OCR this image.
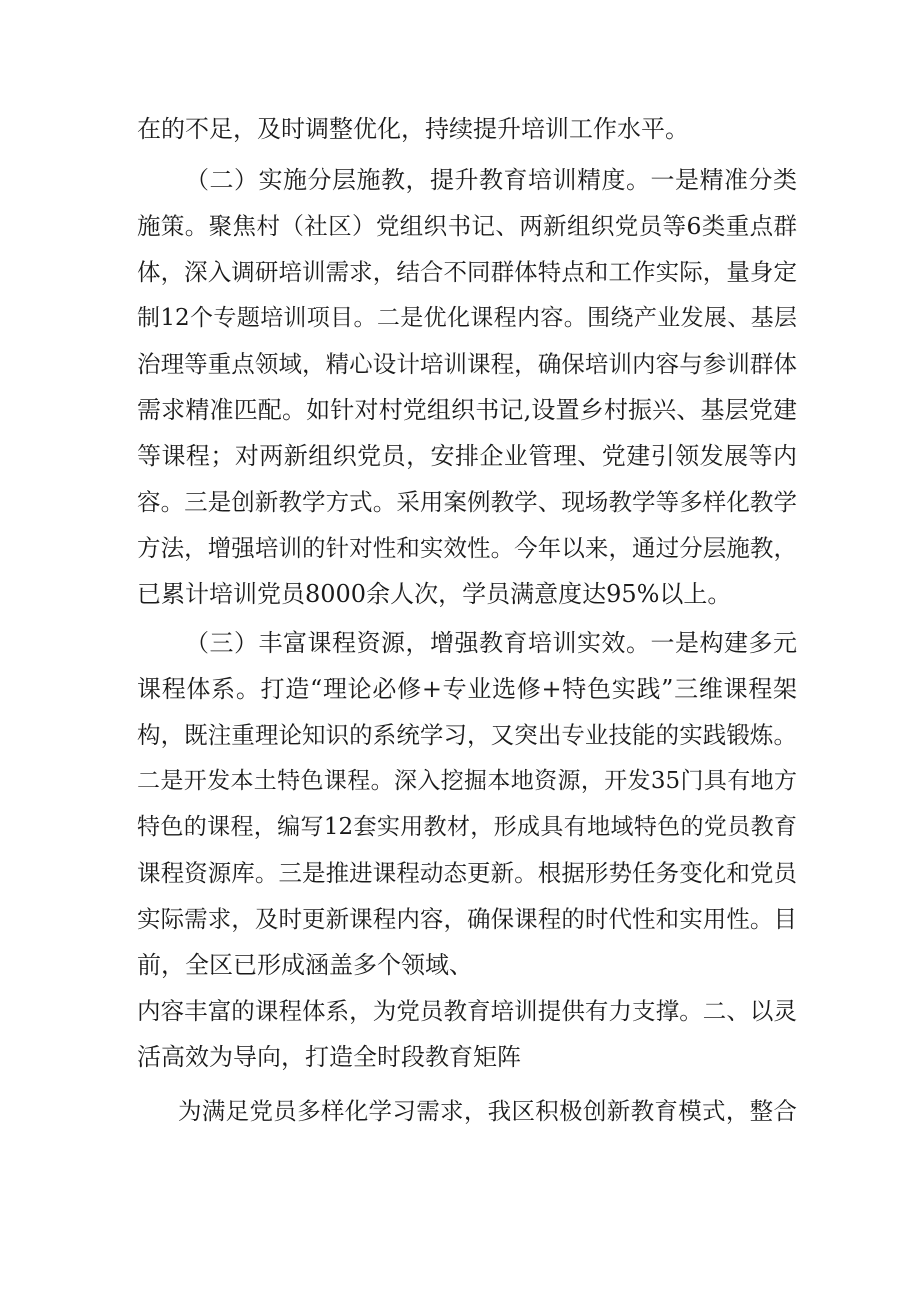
在的不足，及时调整优化，持续提升培训工作水平。
（二）实施分层施教，提升教育培训精度。一是精准分类
施策。聚焦村（社区）党组织书记、两新组织党员等6类重点群
体，深入调研培训需求，结合不同群体特点和工作实际，量身定
制12个专题培训项目。二是优化课程内容。围绕产业发展、基层
治理等重点领域，精心设计培训课程，确保培训内容与参训群体
需求精准匹配。如针对村党组织书记,设置乡村振兴、基层党建
等课程；对两新组织党员，安排企业管理、党建引领发展等内
容。三是创新教学方式。采用案例教学、现场教学等多样化教学
方法，增强培训的针对性和实效性。今年以来，通过分层施教，
已累计培训党员8000余人次，学员满意度达95%以上。
（三）丰富课程资源，增强教育培训实效。一是构建多元
课程体系。打造“理论必修+专业选修+特色实践”三维课程架
构，既注重理论知识的系统学习，又突出专业技能的实践锻炼。
二是开发本土特色课程。深入挖掘本地资源，开发35门具有地方
特色的课程，编写12套实用教材，形成具有地域特色的党员教育
课程资源库。三是推进课程动态更新。根据形势任务变化和党员
实际需求，及时更新课程内容，确保课程的时代性和实用性。目
前，全区已形成涵盖多个领域、
内容丰富的课程体系，为党员教育培训提供有力支撑。二、以灵
活高效为导向，打造全时段教育矩阵
为满足党员多样化学习需求，我区积极创新教育模式，整合
